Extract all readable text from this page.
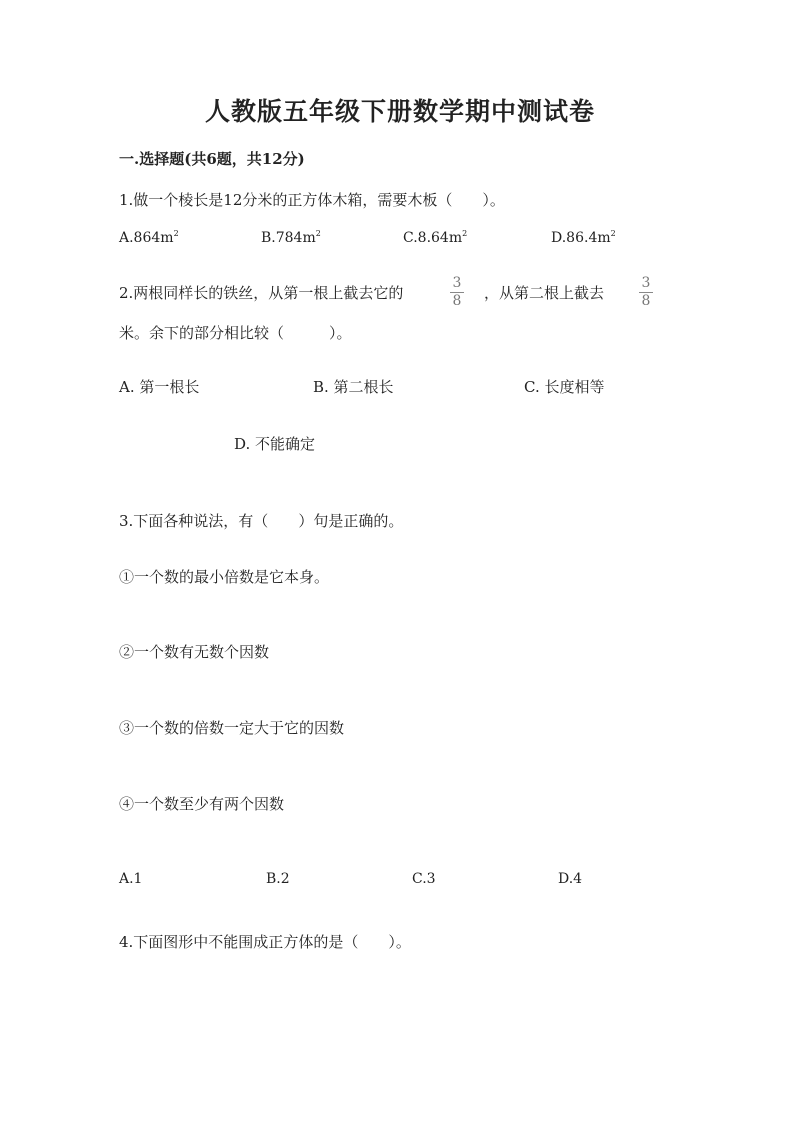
人教版五年级下册数学期中测试卷
一.选择题(共6题，共12分)
1.做一个棱长是12分米的正方体木箱，需要木板（　　）。
$A.864m^2$	$B.784m^2$	$C.8.64m^2$	$D.86.4m^2$
2.两根同样长的铁丝，从第一根上截去它的
3
8 ，从第二根上截去
3
8
米。余下的部分相比较（　　　）。
A. 第一根长	B. 第二根长	C. 长度相等
D. 不能确定
3.下面各种说法，有（　　）句是正确的。
①一个数的最小倍数是它本身。
②一个数有无数个因数
③一个数的倍数一定大于它的因数
④一个数至少有两个因数
A.1	B.2	C.3	D.4
4.下面图形中不能围成正方体的是（　　）。
